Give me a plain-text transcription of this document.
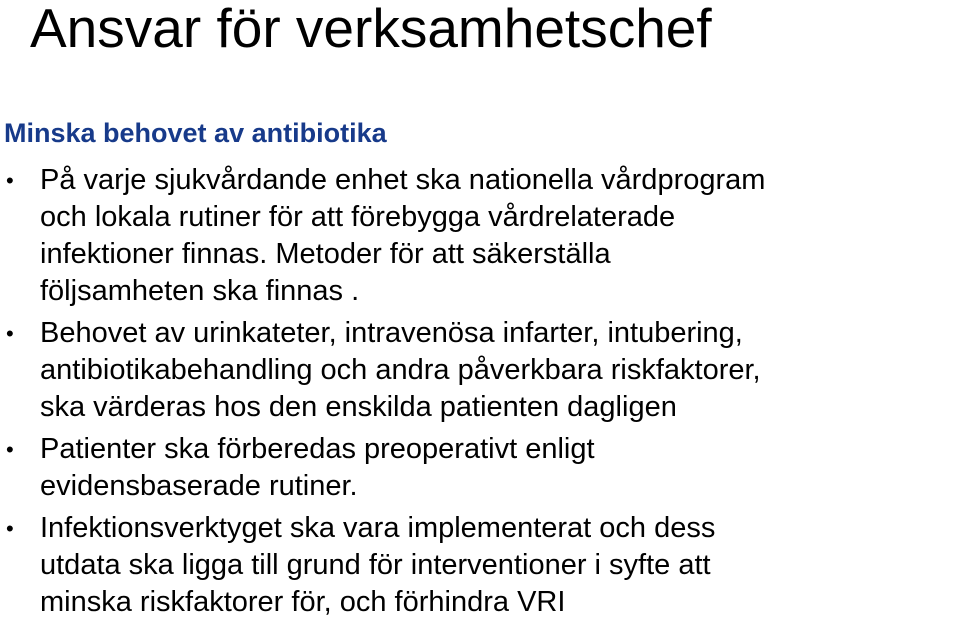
Ansvar för verksamhetschef
Minska behovet av antibiotika
• På varje sjukvårdande enhet ska nationella vårdprogram
och lokala rutiner för att förebygga vårdrelaterade
infektioner finnas. Metoder för att säkerställa
följsamheten ska finnas .
• Behovet av urinkateter, intravenösa infarter, intubering,
antibiotikabehandling och andra påverkbara riskfaktorer,
ska värderas hos den enskilda patienten dagligen
• Patienter ska förberedas preoperativt enligt
evidensbaserade rutiner.
• Infektionsverktyget ska vara implementerat och dess
utdata ska ligga till grund för interventioner i syfte att
minska riskfaktorer för, och förhindra VRI
